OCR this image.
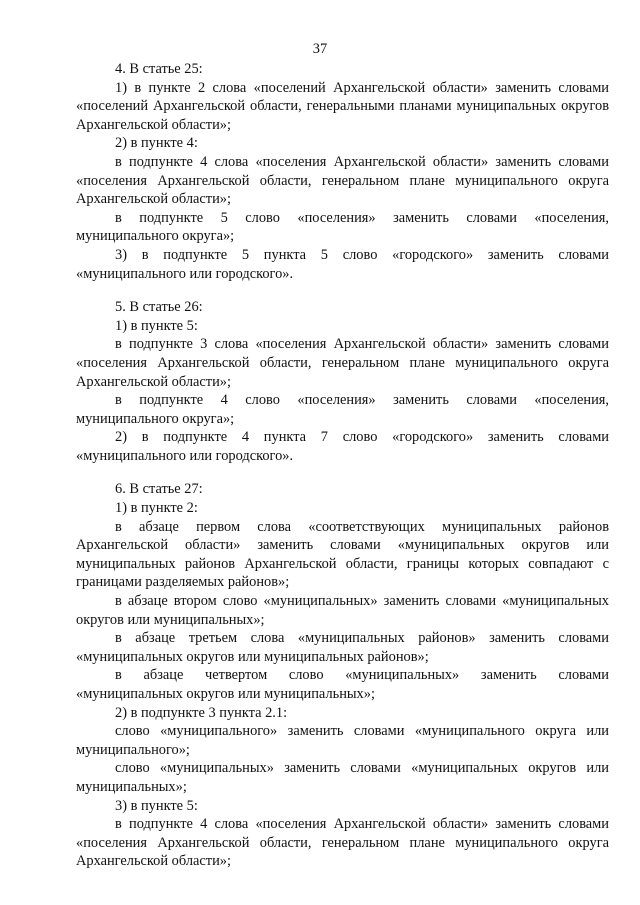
37

4. В статье 25:

1) в пункте 2 слова «поселений Архангельской области» заменить словами «поселений Архангельской области, генеральными планами муниципальных округов Архангельской области»;

2) в пункте 4:

в подпункте 4 слова «поселения Архангельской области» заменить словами «поселения Архангельской области, генеральном плане муниципального округа Архангельской области»;

в подпункте 5 слово «поселения» заменить словами «поселения, муниципального округа»;

3) в подпункте 5 пункта 5 слово «городского» заменить словами «муниципального или городского».

5. В статье 26:

1) в пункте 5:

в подпункте 3 слова «поселения Архангельской области» заменить словами «поселения Архангельской области, генеральном плане муниципального округа Архангельской области»;

в подпункте 4 слово «поселения» заменить словами «поселения, муниципального округа»;

2) в подпункте 4 пункта 7 слово «городского» заменить словами «муниципального или городского».

6. В статье 27:

1) в пункте 2:

в абзаце первом слова «соответствующих муниципальных районов Архангельской области» заменить словами «муниципальных округов или муниципальных районов Архангельской области, границы которых совпадают с границами разделяемых районов»;

в абзаце втором слово «муниципальных» заменить словами «муниципальных округов или муниципальных»;

в абзаце третьем слова «муниципальных районов» заменить словами «муниципальных округов или муниципальных районов»;

в абзаце четвертом слово «муниципальных» заменить словами «муниципальных округов или муниципальных»;

2) в подпункте 3 пункта 2.1:

слово «муниципального» заменить словами «муниципального округа или муниципального»;

слово «муниципальных» заменить словами «муниципальных округов или муниципальных»;

3) в пункте 5:

в подпункте 4 слова «поселения Архангельской области» заменить словами «поселения Архангельской области, генеральном плане муниципального округа Архангельской области»;
